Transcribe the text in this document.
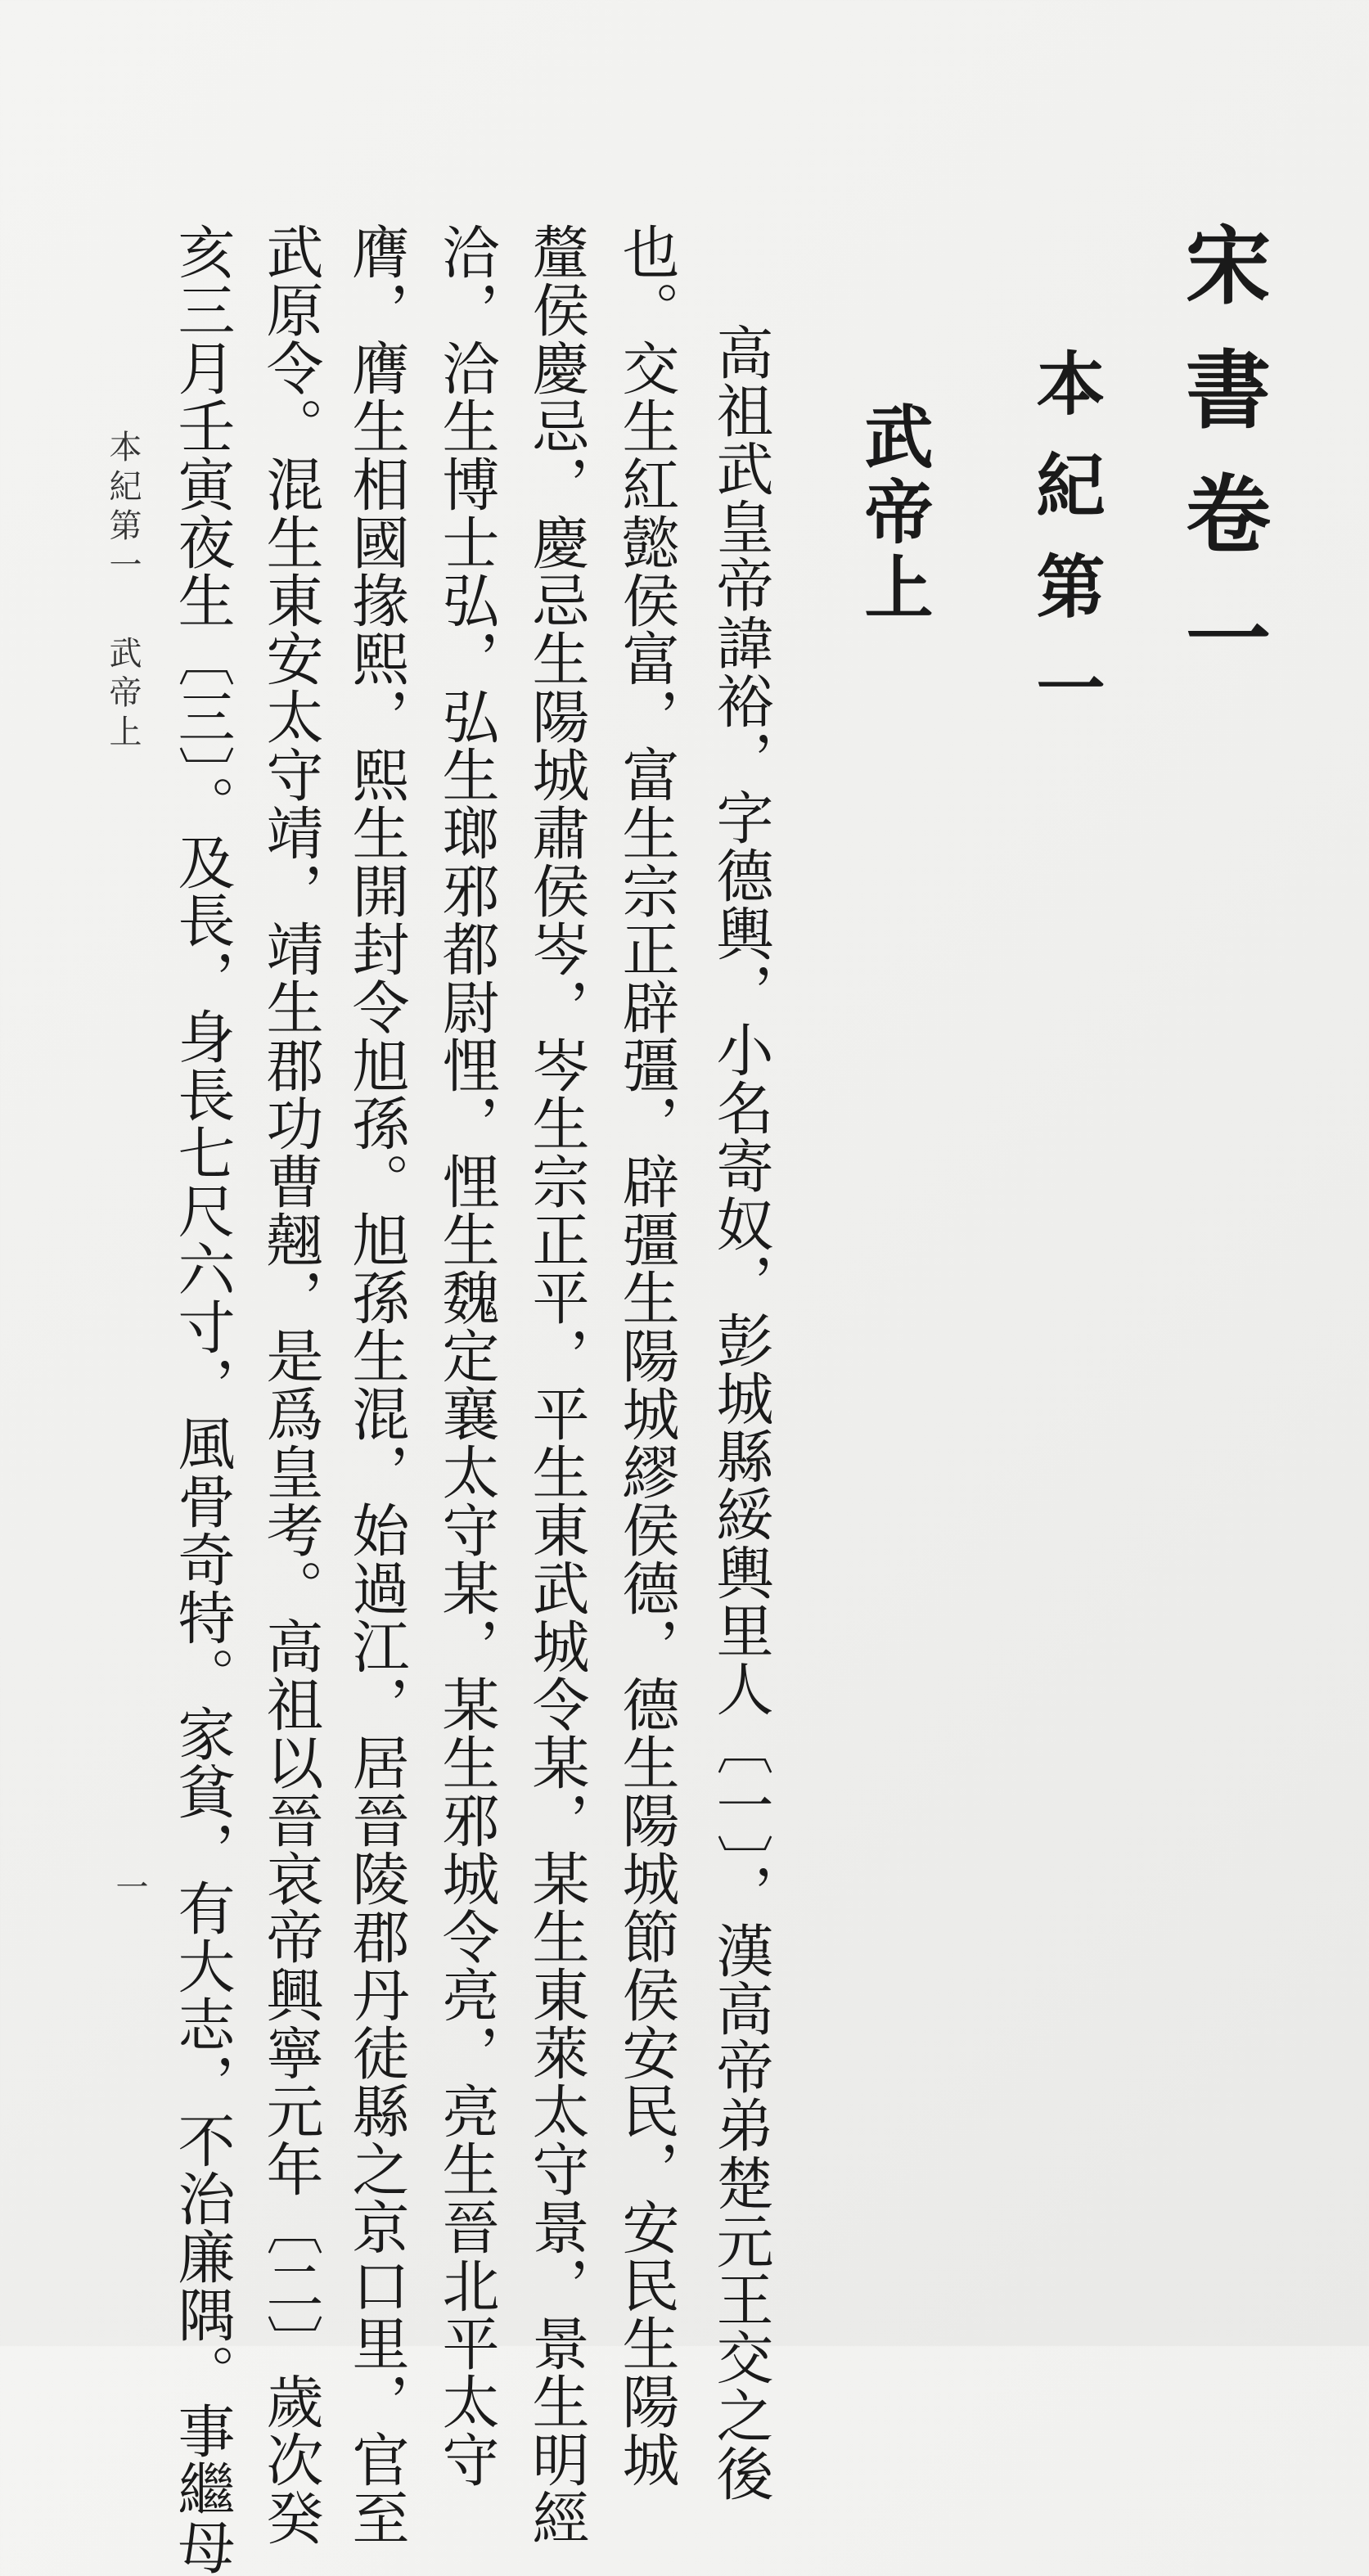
宋書卷一
本紀第一
武帝上
高祖武皇帝諱裕，字德輿，小名寄奴，彭城縣綏輿里人〔一〕，漢高帝弟楚元王交之後
也。交生紅懿侯富，富生宗正辟彊，辟彊生陽城繆侯德，德生陽城節侯安民，安民生陽城
釐侯慶忌，慶忌生陽城肅侯岑，岑生宗正平，平生東武城令某，某生東萊太守景，景生明經
洽，洽生博士弘，弘生瑯邪都尉悝，悝生魏定襄太守某，某生邪城令亮，亮生晉北平太守
膺，膺生相國掾熙，熙生開封令旭孫。旭孫生混，始過江，居晉陵郡丹徒縣之京口里，官至
武原令。混生東安太守靖，靖生郡功曹翹，是爲皇考。高祖以晉哀帝興寧元年〔二〕歲次癸
亥三月壬寅夜生〔三〕。及長，身長七尺六寸，風骨奇特。家貧，有大志，不治廉隅。事繼母
本紀第一武帝上
一
